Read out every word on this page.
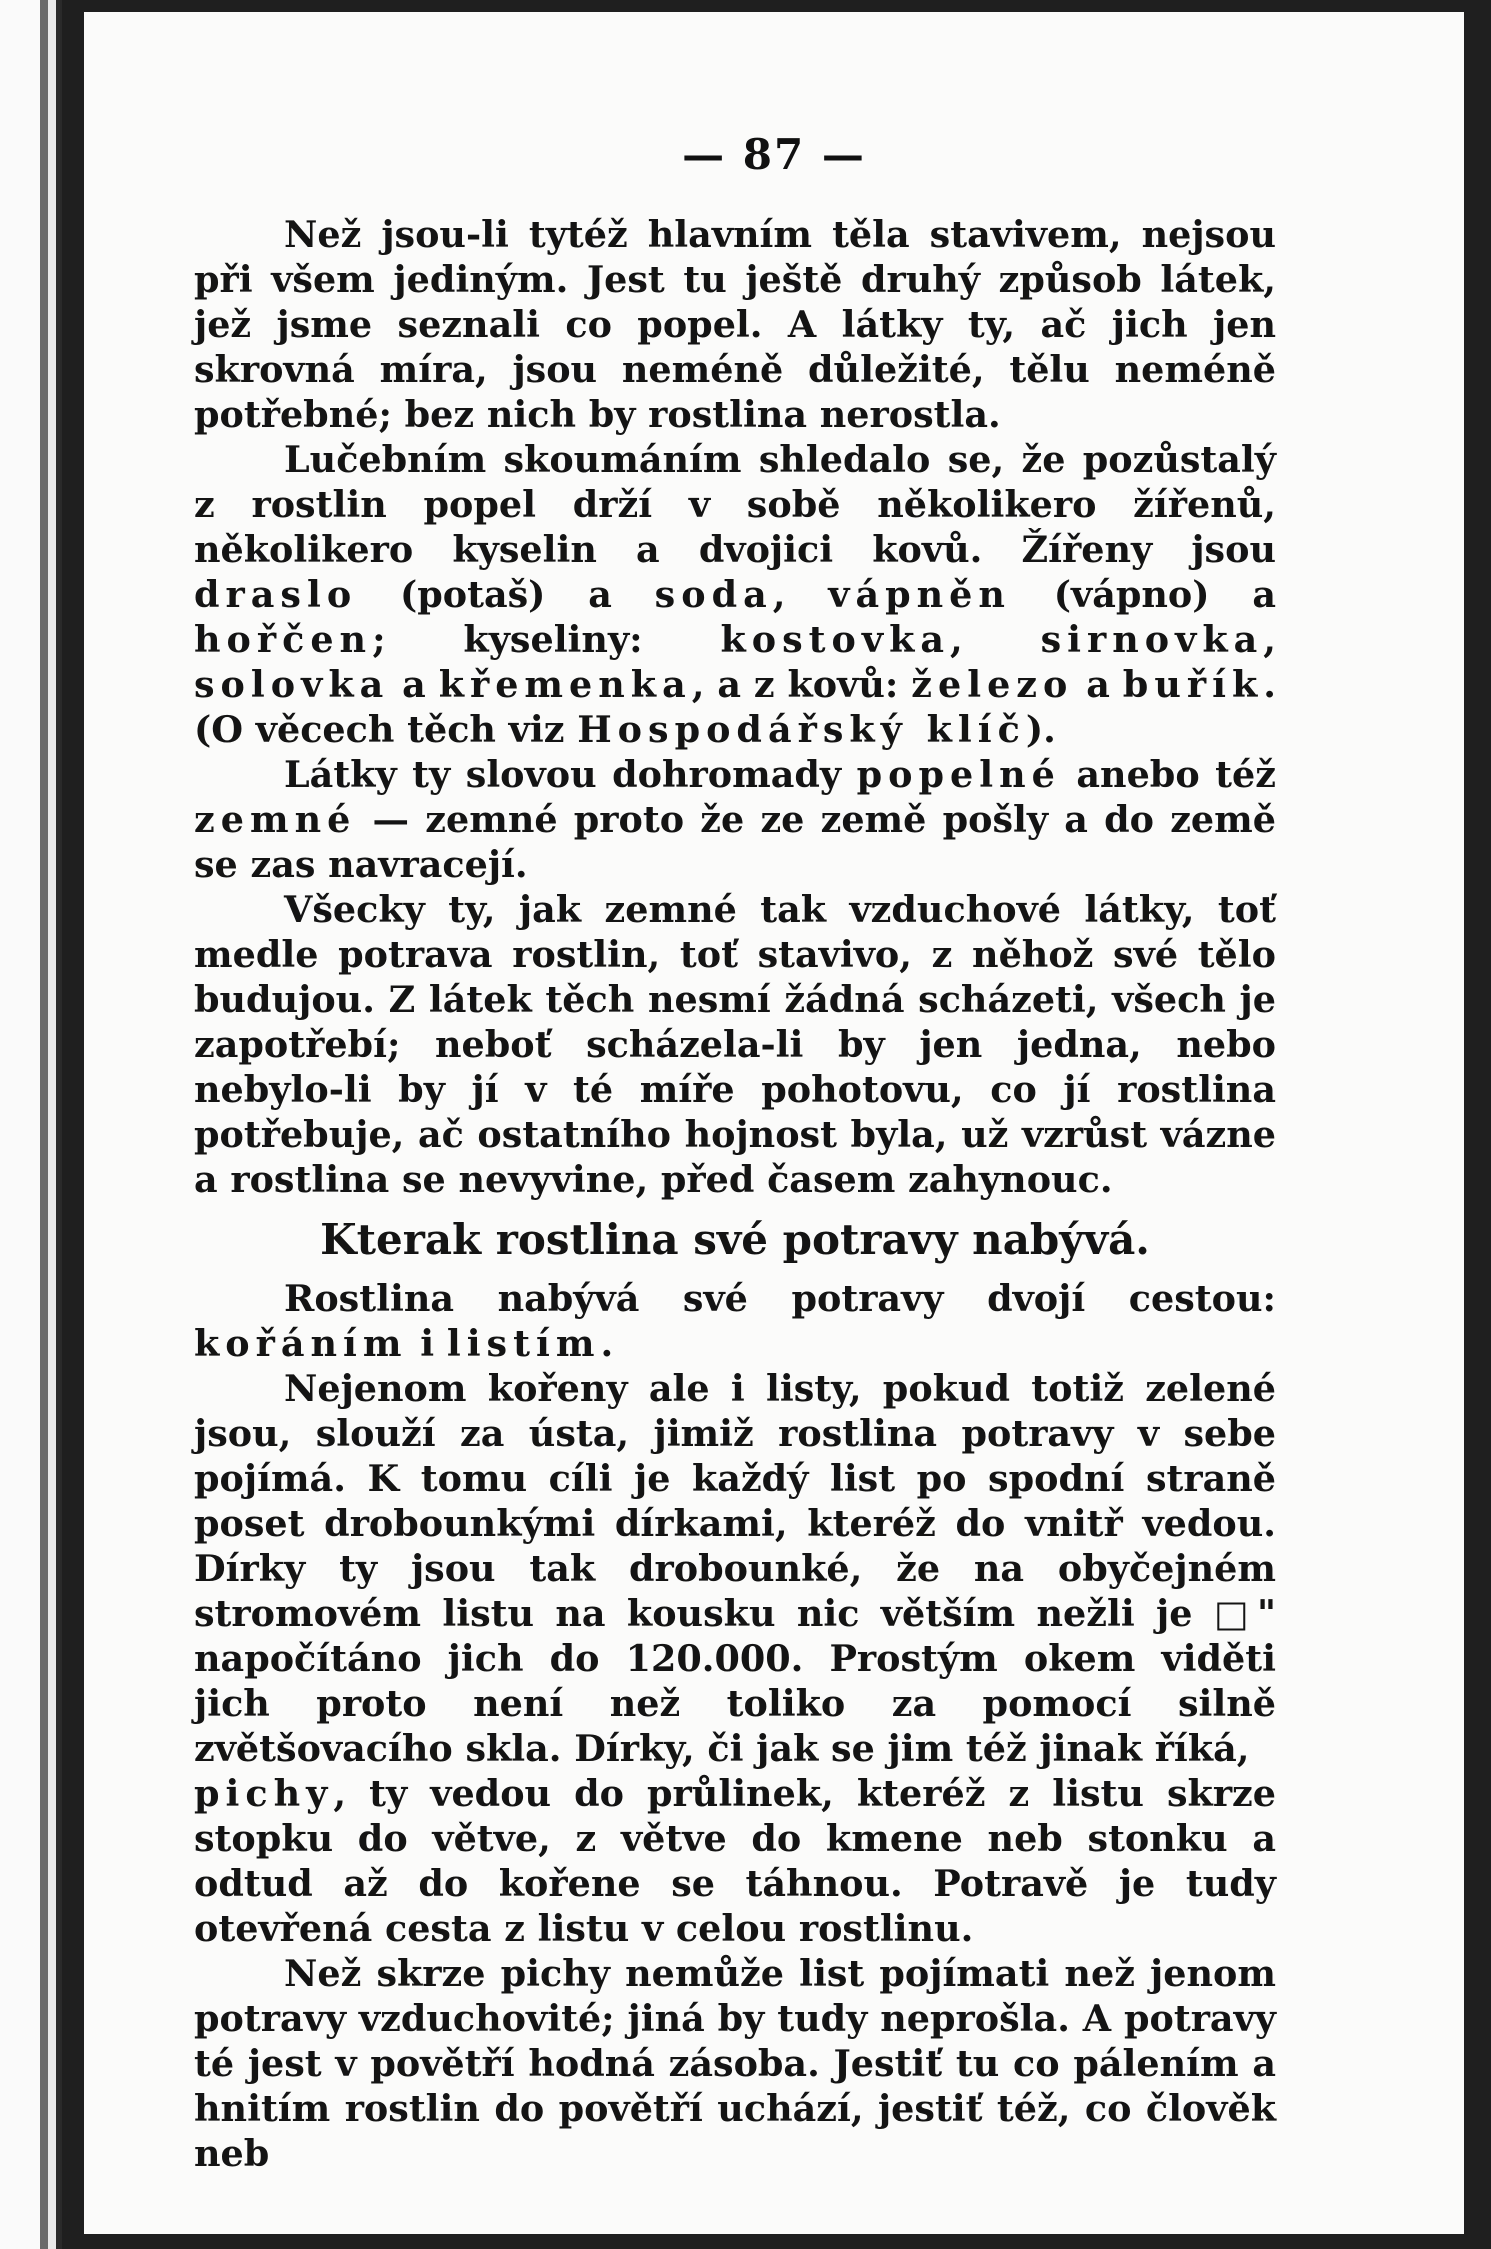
— 87 —

Než jsou-li tytéž hlavním těla stavivem, nejsou při všem jediným. Jest tu ještě druhý způsob látek, jež jsme seznali co popel. A látky ty, ač jich jen skrovná míra, jsou neméně důležité, tělu neméně potřebné; bez nich by rostlina nerostla.

Lučebním skoumáním shledalo se, že pozůstalý z rostlin popel drží v sobě několikero žířenů, několikero kyselin a dvojici kovů. Žířeny jsou draslo (potaš) a soda, vápněn (vápno) a hořčen; kyseliny: kostovka, sirnovka, solovka a křemenka, a z kovů: železo a buřík. (O věcech těch viz Hospodářský klíč).

Látky ty slovou dohromady popelné anebo též zemné — zemné proto že ze země pošly a do země se zas navracejí.

Všecky ty, jak zemné tak vzduchové látky, toť medle potrava rostlin, toť stavivo, z něhož své tělo budujou. Z látek těch nesmí žádná scházeti, všech je zapotřebí; neboť scházela-li by jen jedna, nebo nebylo-li by jí v té míře pohotovu, co jí rostlina potřebuje, ač ostatního hojnost byla, už vzrůst vázne a rostlina se nevyvine, před časem zahynouc.

Kterak rostlina své potravy nabývá.

Rostlina nabývá své potravy dvojí cestou: kořáním i listím.

Nejenom kořeny ale i listy, pokud totiž zelené jsou, slouží za ústa, jimiž rostlina potravy v sebe pojímá. K tomu cíli je každý list po spodní straně poset drobounkými dírkami, kteréž do vnitř vedou. Dírky ty jsou tak drobounké, že na obyčejném stromovém listu na kousku nic větším nežli je □" napočítáno jich do 120.000. Prostým okem viděti jich proto není než toliko za pomocí silně zvětšovacího skla. Dírky, či jak se jim též jinak říká,

pichy, ty vedou do průlinek, kteréž z listu skrze stopku do větve, z větve do kmene neb stonku a odtud až do kořene se táhnou. Potravě je tudy otevřená cesta z listu v celou rostlinu.

Než skrze pichy nemůže list pojímati než jenom potravy vzduchovité; jiná by tudy neprošla. A potravy té jest v povětří hodná zásoba. Jestiť tu co pálením a hnitím rostlin do povětří uchází, jestiť též, co člověk neb
